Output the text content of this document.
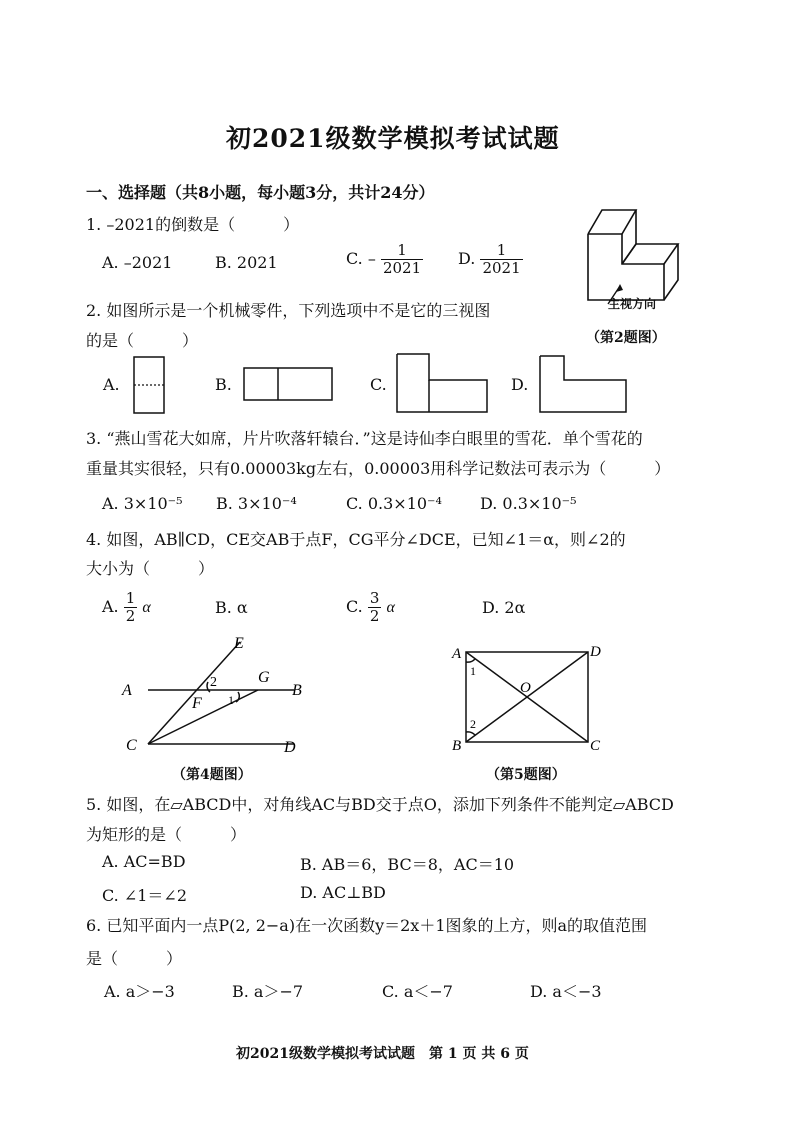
初2021级数学模拟考试试题
一、选择题（共8小题，每小题3分，共计24分）
1. –2021的倒数是（　　　）
A. –2021	B. 2021	C. – $\frac{1}{2021} D$. $\frac{1}{2021}$
主视方向
（第2题图）
2. 如图所示是一个机械零件，下列选项中不是它的三视图
的是（　　　）
A.	B.	C.	D.
3. “燕山雪花大如席，片片吹落轩辕台．”这是诗仙李白眼里的雪花．单个雪花的
重量其实很轻，只有0.00003kg左右，0.00003用科学记数法可表示为（　　　）
A. 3×10⁻⁵ B. 3×10⁻⁴	C. 0.3×10⁻⁴ D. 0.3×10⁻⁵
4. 如图，AB∥CD，CE交AB于点F，CG平分∠DCE，已知∠1＝α，则∠2的
大小为（　　　）
A. $\frac{1}{2}$ α	B. α	C. $\frac{3}{2}$ α	D. 2α
E
A
G
B
F
C	D
2
1
（第4题图）
A	D
B	C
O
1
2
（第5题图）
5. 如图，在▱ABCD中，对角线AC与BD交于点O，添加下列条件不能判定▱ABCD
为矩形的是（　　　）
A. AC=BD	B. AB＝6，BC＝8，AC＝10
C. ∠1＝∠2	D. AC⊥BD
6. 已知平面内一点P(2, 2−a)在一次函数y＝2x＋1图象的上方，则a的取值范围
是（　　　）
A. a＞−3	B. a＞−7	C. a＜−7	D. a＜−3
初2021级数学模拟考试试题　第 1 页 共 6 页
